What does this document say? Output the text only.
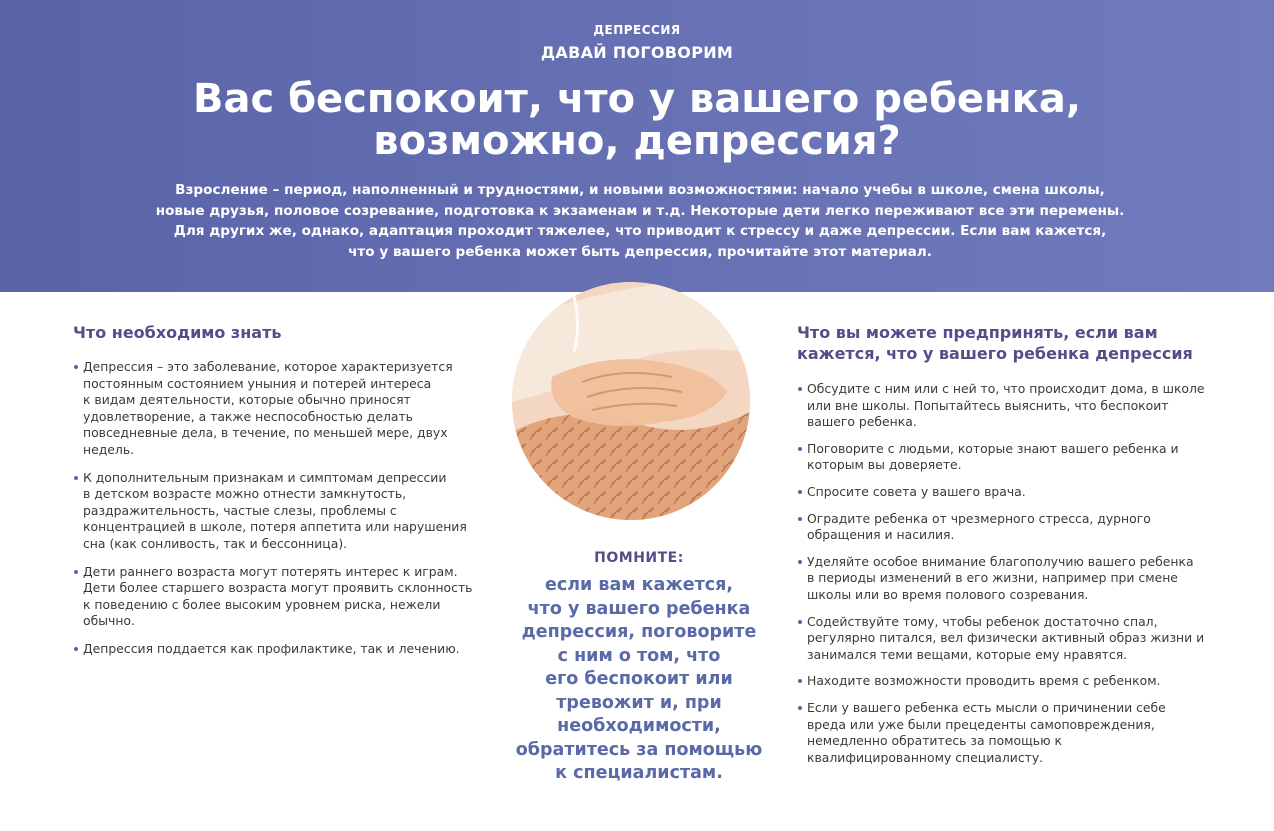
ДЕПРЕССИЯ
ДАВАЙ ПОГОВОРИМ
Вас беспокоит, что у вашего ребенка,
возможно, депрессия?
Взросление – период, наполненный и трудностями, и новыми возможностями: начало учебы в школе, смена школы,
новые друзья, половое созревание, подготовка к экзаменам и т.д. Некоторые дети легко переживают все эти перемены.
Для других же, однако, адаптация проходит тяжелее, что приводит к стрессу и даже депрессии. Если вам кажется,
что у вашего ребенка может быть депрессия, прочитайте этот материал.
Что необходимо знать
Депрессия – это заболевание, которое характеризуется
постоянным состоянием уныния и потерей интереса
к видам деятельности, которые обычно приносят
удовлетворение, а также неспособностью делать
повседневные дела, в течение, по меньшей мере, двух
недель.
К дополнительным признакам и симптомам депрессии
в детском возрасте можно отнести замкнутость,
раздражительность, частые слезы, проблемы с
концентрацией в школе, потеря аппетита или нарушения
сна (как сонливость, так и бессонница).
Дети раннего возраста могут потерять интерес к играм.
Дети более старшего возраста могут проявить склонность
к поведению с более высоким уровнем риска, нежели
обычно.
Депрессия поддается как профилактике, так и лечению.
ПОМНИТЕ:
если вам кажется,
что у вашего ребенка
депрессия, поговорите
с ним о том, что
его беспокоит или
тревожит и, при
необходимости,
обратитесь за помощью
к специалистам.
Что вы можете предпринять, если вам
кажется, что у вашего ребенка депрессия
Обсудите с ним или с ней то, что происходит дома, в школе
или вне школы. Попытайтесь выяснить, что беспокоит
вашего ребенка.
Поговорите с людьми, которые знают вашего ребенка и
которым вы доверяете.
Спросите совета у вашего врача.
Оградите ребенка от чрезмерного стресса, дурного
обращения и насилия.
Уделяйте особое внимание благополучию вашего ребенка
в периоды изменений в его жизни, например при смене
школы или во время полового созревания.
Содействуйте тому, чтобы ребенок достаточно спал,
регулярно питался, вел физически активный образ жизни и
занимался теми вещами, которые ему нравятся.
Находите возможности проводить время с ребенком.
Если у вашего ребенка есть мысли о причинении себе
вреда или уже были прецеденты самоповреждения,
немедленно обратитесь за помощью к
квалифицированному специалисту.
